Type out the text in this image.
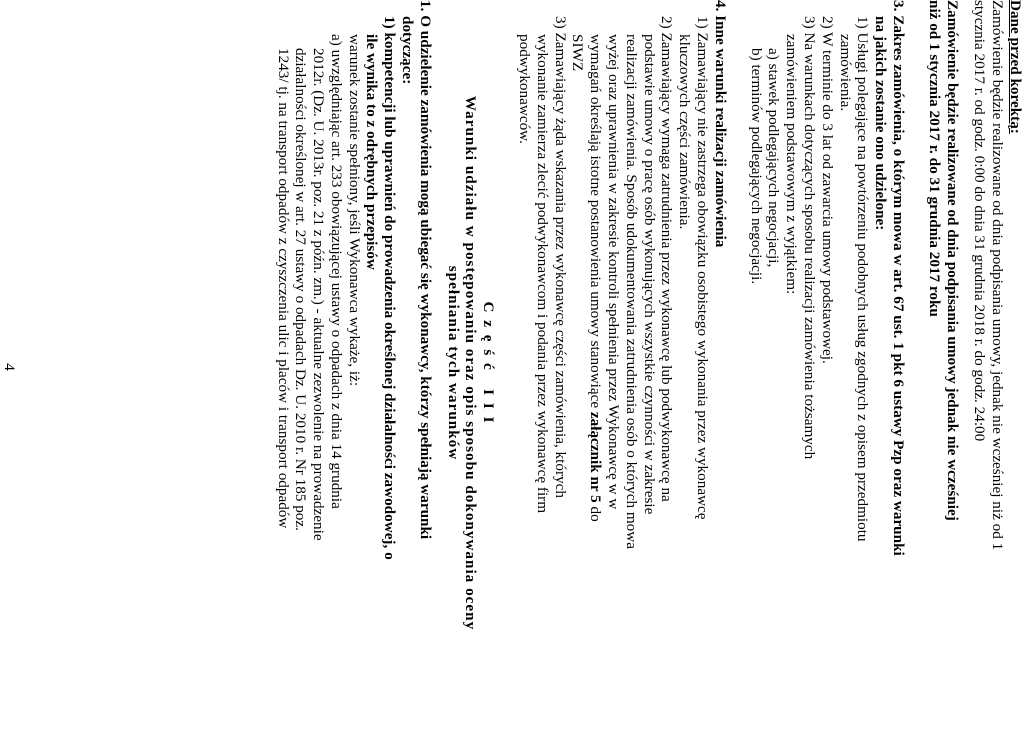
Dane przed korektą:

Zamówienie będzie realizowane od dnia podpisania umowy, jednak nie wcześniej niż od 1

stycznia 2017 r. od godz. 0:00 do dnia 31 grudnia 2018 r. do godz. 24:00

Zamówienie będzie realizowane od dnia podpisania umowy jednak nie wcześniej

niż od 1 stycznia 2017 r. do 31 grudnia 2017 roku

3. Zakres zamówienia, o którym mowa w art. 67 ust. 1 pkt 6 ustawy Pzp oraz warunki

na jakich zostanie ono udzielone:

1) Usługi polegające na powtórzeniu podobnych usług zgodnych z opisem przedmiotu

zamówienia.

2) W terminie do 3 lat od zawarcia umowy podstawowej.

3) Na warunkach dotyczących sposobu realizacji zamówienia tożsamych

zamówieniem podstawowym z wyjątkiem:

a) stawek podlegających negocjacji,

b) terminów podlegających negocjacji.

4. Inne warunki realizacji zamówienia

1) Zamawiający nie zastrzega obowiązku osobistego wykonania przez wykonawcę

kluczowych części zamówienia.

2) Zamawiający wymaga zatrudnienia przez wykonawcę lub podwykonawcę na

podstawie umowy o pracę osób wykonujących wszystkie czynności w zakresie

realizacji zamówienia. Sposób udokumentowania zatrudnienia osób o których mowa

wyżej oraz uprawnienia w zakresie kontroli spełnienia przez Wykonawcę w w

wymagań określają istotne postanowienia umowy stanowiące załącznik nr 5 do

SIWZ

3) Zamawiający żąda wskazania przez wykonawcę części zamówienia, których

wykonanie zamierza zlecić podwykonawcom i podania przez wykonawcę firm

podwykonawców.

C z ę ś ć   I I I

Warunki udziału w postępowaniu oraz opis sposobu dokonywania oceny

spełniania tych warunków

1. O udzielenie zamówienia mogą ubiegać się wykonawcy, którzy spełniają warunki

dotyczące:

1) kompetencji lub uprawnień do prowadzenia określonej działalności zawodowej, o

ile wynika to z odrębnych przepisów

warunek zostanie spełniony, jeśli Wykonawca wykaże, iż:

a) uwzględniając art. 233 obowiązującej ustawy o odpadach z dnia 14 grudnia

2012r. (Dz. U. 2013r. poz. 21 z późn. zm.) - aktualne zezwolenie na prowadzenie

działalności określonej w art. 27 ustawy o odpadach Dz. U. 2010 r. Nr 185 poz.

1243/ tj. na transport odpadów z czyszczenia ulic i placów i transport odpadów

4
